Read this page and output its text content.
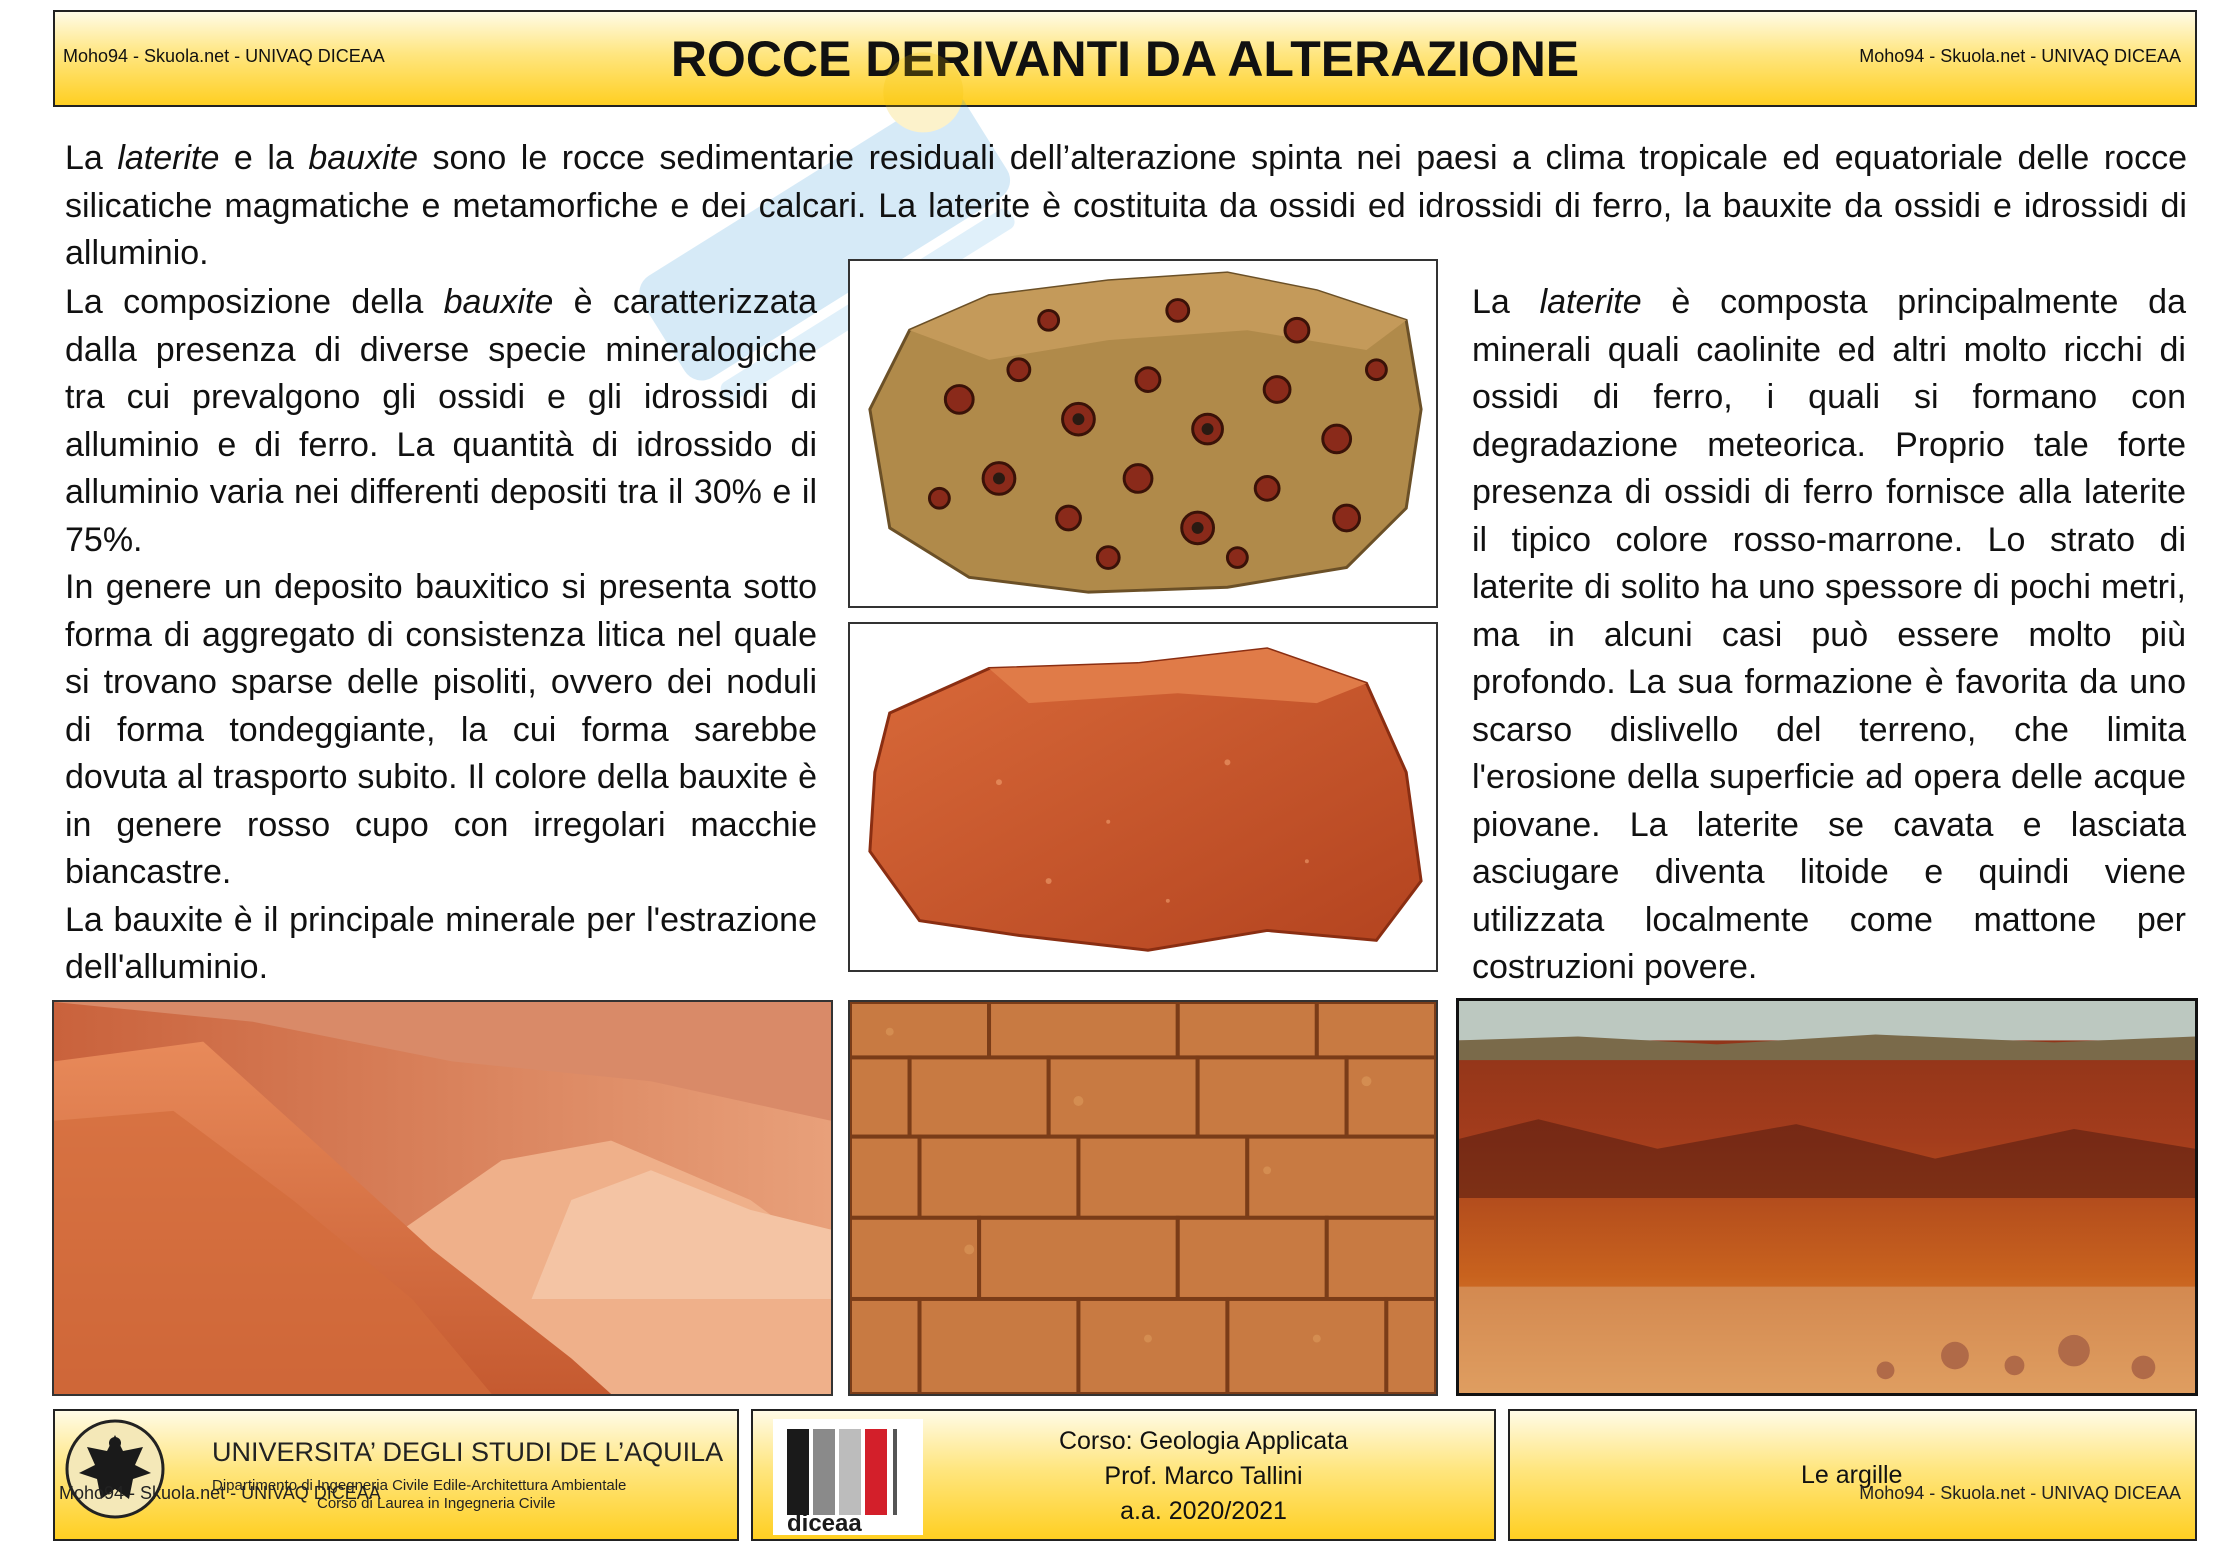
Moho94 - Skuola.net - UNIVAQ DICEAA	ROCCE DERIVANTI DA ALTERAZIONE	Moho94 - Skuola.net - UNIVAQ DICEAA
La laterite e la bauxite sono le rocce sedimentarie residuali dell’alterazione spinta nei paesi a clima tropicale ed equatoriale delle rocce silicatiche magmatiche e metamorfiche e dei calcari. La laterite è costituita da ossidi ed idrossidi di ferro, la bauxite da ossidi e idrossidi di alluminio.

La composizione della bauxite è caratterizzata dalla presenza di diverse specie mineralogiche tra cui prevalgono gli ossidi e gli idrossidi di alluminio e di ferro. La quantità di idrossido di alluminio varia nei differenti depositi tra il 30% e il 75%.

In genere un deposito bauxitico si presenta sotto forma di aggregato di consistenza litica nel quale si trovano sparse delle pisoliti, ovvero dei noduli di forma tondeggiante, la cui forma sarebbe dovuta al trasporto subito. Il colore della bauxite è in genere rosso cupo con irregolari macchie biancastre.

La bauxite è il principale minerale per l'estrazione dell'alluminio.

La laterite è composta principalmente da minerali quali caolinite ed altri molto ricchi di ossidi di ferro, i quali si formano con degradazione meteorica. Proprio tale forte presenza di ossidi di ferro fornisce alla laterite il tipico colore rosso-marrone. Lo strato di laterite di solito ha uno spessore di pochi metri, ma in alcuni casi può essere molto più profondo. La sua formazione è favorita da uno scarso dislivello del terreno, che limita l'erosione della superficie ad opera delle acque piovane. La laterite se cavata e lasciata asciugare diventa litoide e quindi viene utilizzata localmente come mattone per costruzioni povere.

UNIVERSITA’ DEGLI STUDI DE L’AQUILA
Dipartimento di Ingegneria Civile Edile-Architettura Ambientale
Corso di Laurea in Ingegneria Civile
Moho94 - Skuola.net - UNIVAQ DICEAA
diceaa
Corso: Geologia Applicata
Prof. Marco Tallini
a.a. 2020/2021
Le argille
Moho94 - Skuola.net - UNIVAQ DICEAA
